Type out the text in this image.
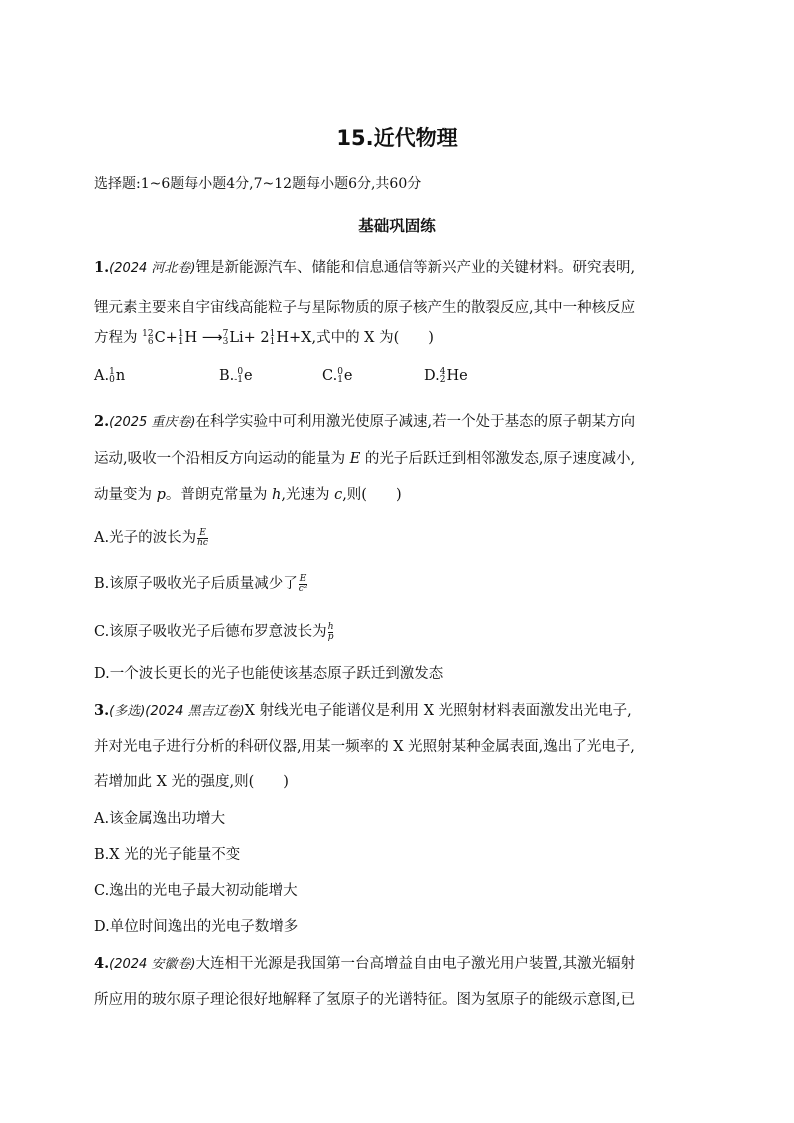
15.近代物理
选择题:1~6题每小题4分,7~12题每小题6分,共60分
基础巩固练
1.(2024 河北卷)锂是新能源汽车、储能和信息通信等新兴产业的关键材料。研究表明,
锂元素主要来自宇宙线高能粒子与星际物质的原子核产生的散裂反应,其中一种核反应
方程为 12
6 C+ 1
1 H ⟶ 7
3 Li+ 2 1
1 H+X,式中的 X 为(　　)
A. 1
0 n	B. 0
-1 e	C. 0
1 e	D. 4
2 He
2.(2025 重庆卷)在科学实验中可利用激光使原子减速,若一个处于基态的原子朝某方向
运动,吸收一个沿相反方向运动的能量为 E 的光子后跃迁到相邻激发态,原子速度减小,
动量变为 p。普朗克常量为 h,光速为 c,则(　　)
A.光子的波长为 $\frac{E}{hc}$
B.该原子吸收光子后质量减少了 $\frac{E}{\text{c²}}$
C.该原子吸收光子后德布罗意波长为 $\frac{h}{p}$
D.一个波长更长的光子也能使该基态原子跃迁到激发态
3.(多选)(2024 黑吉辽卷)X 射线光电子能谱仪是利用 X 光照射材料表面激发出光电子,
并对光电子进行分析的科研仪器,用某一频率的 X 光照射某种金属表面,逸出了光电子,
若增加此 X 光的强度,则(　　)
A.该金属逸出功增大
B.X 光的光子能量不变
C.逸出的光电子最大初动能增大
D.单位时间逸出的光电子数增多
4.(2024 安徽卷)大连相干光源是我国第一台高增益自由电子激光用户装置,其激光辐射
所应用的玻尔原子理论很好地解释了氢原子的光谱特征。图为氢原子的能级示意图,已
